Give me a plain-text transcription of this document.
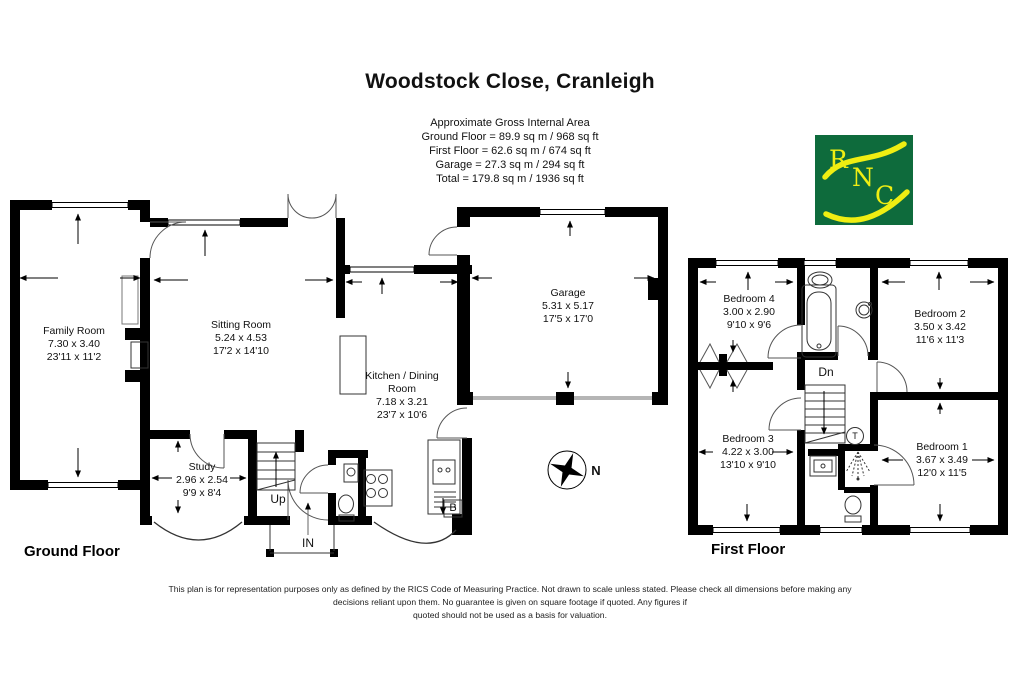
Woodstock Close, Cranleigh
Approximate Gross Internal Area
Ground Floor = 89.9 sq m / 968 sq ft
First Floor = 62.6 sq m / 674 sq ft
Garage = 27.3 sq m / 294 sq ft
Total = 179.8 sq m / 1936 sq ft
R
N
C
Family Room
7.30 x 3.40
23'11 x 11'2
Sitting Room
5.24 x 4.53
17'2 x 14'10
Study
2.96 x 2.54
9'9 x 8'4
Kitchen / Dining Room
7.18 x 3.21
23'7 x 10'6
Garage
5.31 x 5.17
17'5 x 17'0
Bedroom 4
3.00 x 2.90
9'10 x 9'6
Bedroom 2
3.50 x 3.42
11'6 x 11'3
Bedroom 3
4.22 x 3.00
13'10 x 9'10
Bedroom 1
3.67 x 3.49
12'0 x 11'5
Up
IN
B
Dn
T
N
Ground Floor	First Floor
This plan is for representation purposes only as defined by the RICS Code of Measuring Practice. Not drawn to scale unless stated. Please check all dimensions before making any
decisions reliant upon them. No guarantee is given on square footage if quoted. Any figures if
quoted should not be used as a basis for valuation.
